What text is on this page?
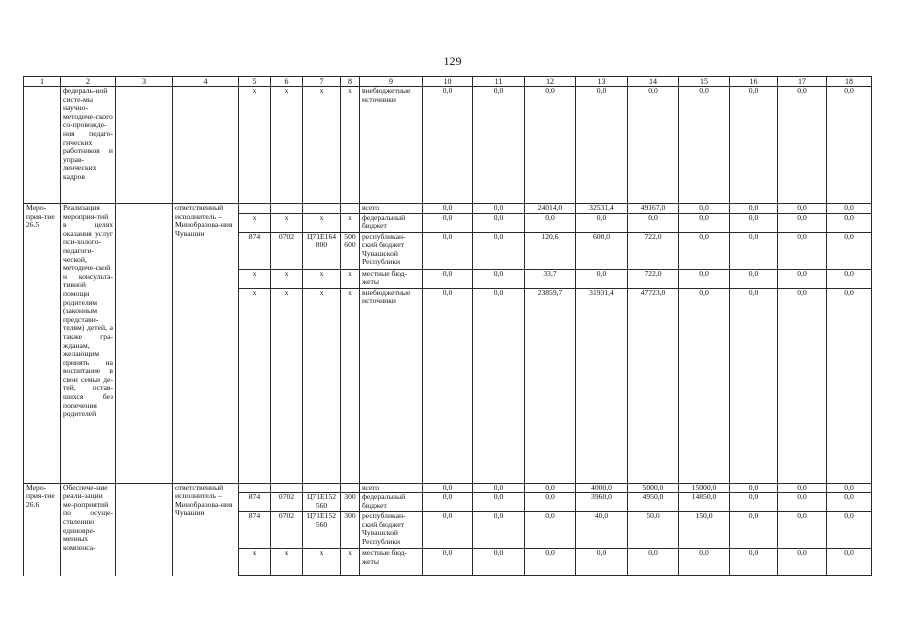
129
1	2	3	4	5	6	7	8	9	10	11	12	13	14	15	16	17	18
	федераль-ной систе-мы научно-методиче-ского со-провожде-ния педаго-гических работников и управ-ленческих кадров			x	x	x	x	внебюджетные источники	0,0	0,0	0,0	0,0	0,0	0,0	0,0	0,0	0,0
Меро-прия-тие 26.5	Реализация мероприя-тий в целях оказания услуг пси-холого-педагоги-ческой, методиче-ской и консульта-тивной помощи родителям (законным представи-телям) детей, а также гра-жданам, желающим принять на воспитание в свои семьи де-тей, остав-шихся без попечения родителей		ответственный исполнитель – Минобразова-ния Чувашии					всего	0,0	0,0	24014,0	32531,4	49167,0	0,0	0,0	0,0	0,0
				x	x	x	x	федеральный бюджет	0,0	0,0	0,0	0,0	0,0	0,0	0,0	0,0	0,0
				874	0702	Ц71E164 800	500 600	республикан-ский бюджет Чувашской Республики	0,0	0,0	120,6	600,0	722,0	0,0	0,0	0,0	0,0
				x	x	x	x	местные бюд-жеты	0,0	0,0	33,7	0,0	722,0	0,0	0,0	0,0	0,0
				x	x	x	x	внебюджетные источники	0,0	0,0	23859,7	31931,4	47723,0	0,0	0,0	0,0	0,0
Меро-прия-тие 26.6	Обеспече-ние реали-зации ме-роприятий по осуще-ствлению единовре-менных компенса-		ответственный исполнитель – Минобразова-ния Чувашии					всего	0,0	0,0	0,0	4000,0	5000,0	15000,0	0,0	0,0	0,0
				874	0702	Ц71E152 560	300	федеральный бюджет	0,0	0,0	0,0	3960,0	4950,0	14850,0	0,0	0,0	0,0
				874	0702	Ц71E152 560	300	республикан-ский бюджет Чувашской Республики	0,0	0,0	0,0	40,0	50,0	150,0	0,0	0,0	0,0
				x	x	x	x	местные бюд-жеты	0,0	0,0	0,0	0,0	0,0	0,0	0,0	0,0	0,0
